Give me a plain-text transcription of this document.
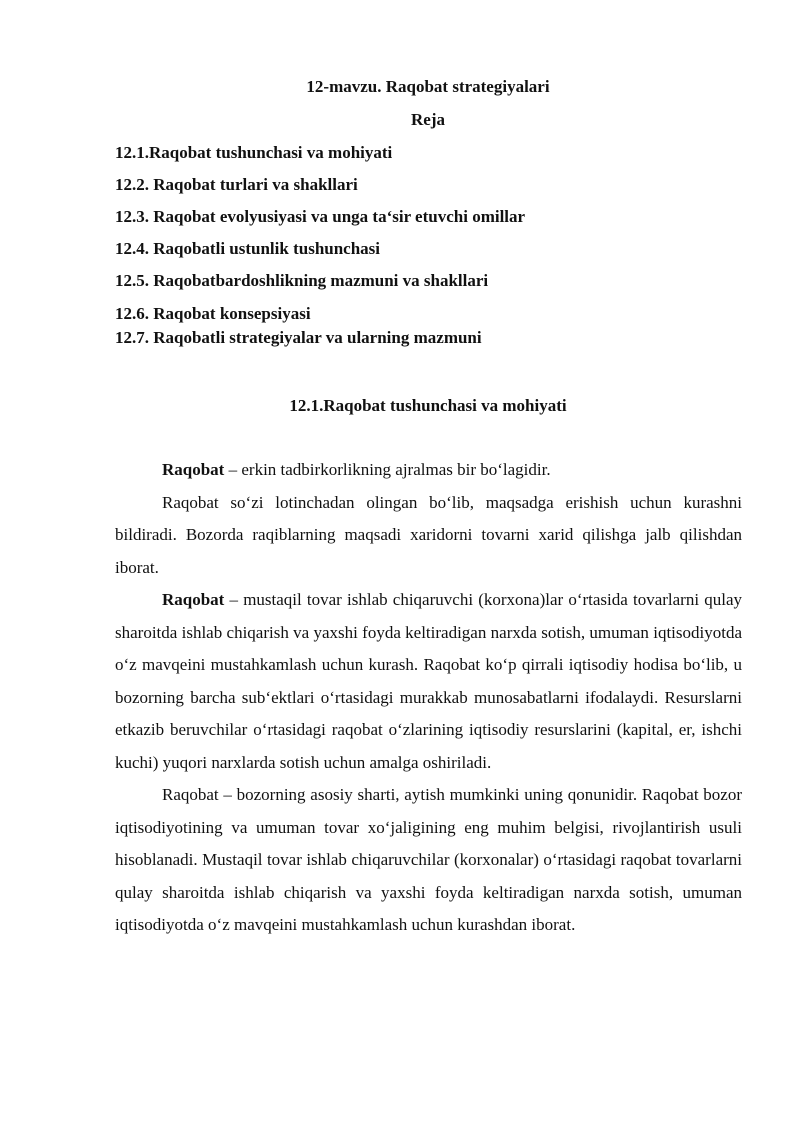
12-mavzu. Raqobat strategiyalari
Reja
12.1.Raqobat tushunchasi va mohiyati
12.2. Raqobat turlari va shakllari
12.3. Raqobat evolyusiyasi va unga ta‘sir etuvchi omillar
12.4. Raqobatli ustunlik tushunchasi
12.5. Raqobatbardoshlikning mazmuni va shakllari
12.6. Raqobat konsepsiyasi
12.7. Raqobatli strategiyalar va ularning mazmuni
12.1.Raqobat tushunchasi va mohiyati

Raqobat – erkin tadbirkorlikning ajralmas bir bo‘lagidir.

Raqobat so‘zi lotinchadan olingan bo‘lib, maqsadga erishish uchun kurashni bildiradi. Bozorda raqiblarning maqsadi xaridorni tovarni xarid qilishga jalb qilishdan iborat.

Raqobat – mustaqil tovar ishlab chiqaruvchi (korxona)lar o‘rtasida tovarlarni qulay sharoitda ishlab chiqarish va yaxshi foyda keltiradigan narxda sotish, umuman iqtisodiyotda o‘z mavqeini mustahkamlash uchun kurash. Raqobat ko‘p qirrali iqtisodiy hodisa bo‘lib, u bozorning barcha sub‘ektlari o‘rtasidagi murakkab munosabatlarni ifodalaydi. Resurslarni etkazib beruvchilar o‘rtasidagi raqobat o‘zlarining iqtisodiy resurslarini (kapital, er, ishchi kuchi) yuqori narxlarda sotish uchun amalga oshiriladi.

Raqobat – bozorning asosiy sharti, aytish mumkinki uning qonunidir. Raqobat bozor iqtisodiyotining va umuman tovar xo‘jaligining eng muhim belgisi, rivojlantirish usuli hisoblanadi. Mustaqil tovar ishlab chiqaruvchilar (korxonalar) o‘rtasidagi raqobat tovarlarni qulay sharoitda ishlab chiqarish va yaxshi foyda keltiradigan narxda sotish, umuman iqtisodiyotda o‘z mavqeini mustahkamlash uchun kurashdan iborat.
